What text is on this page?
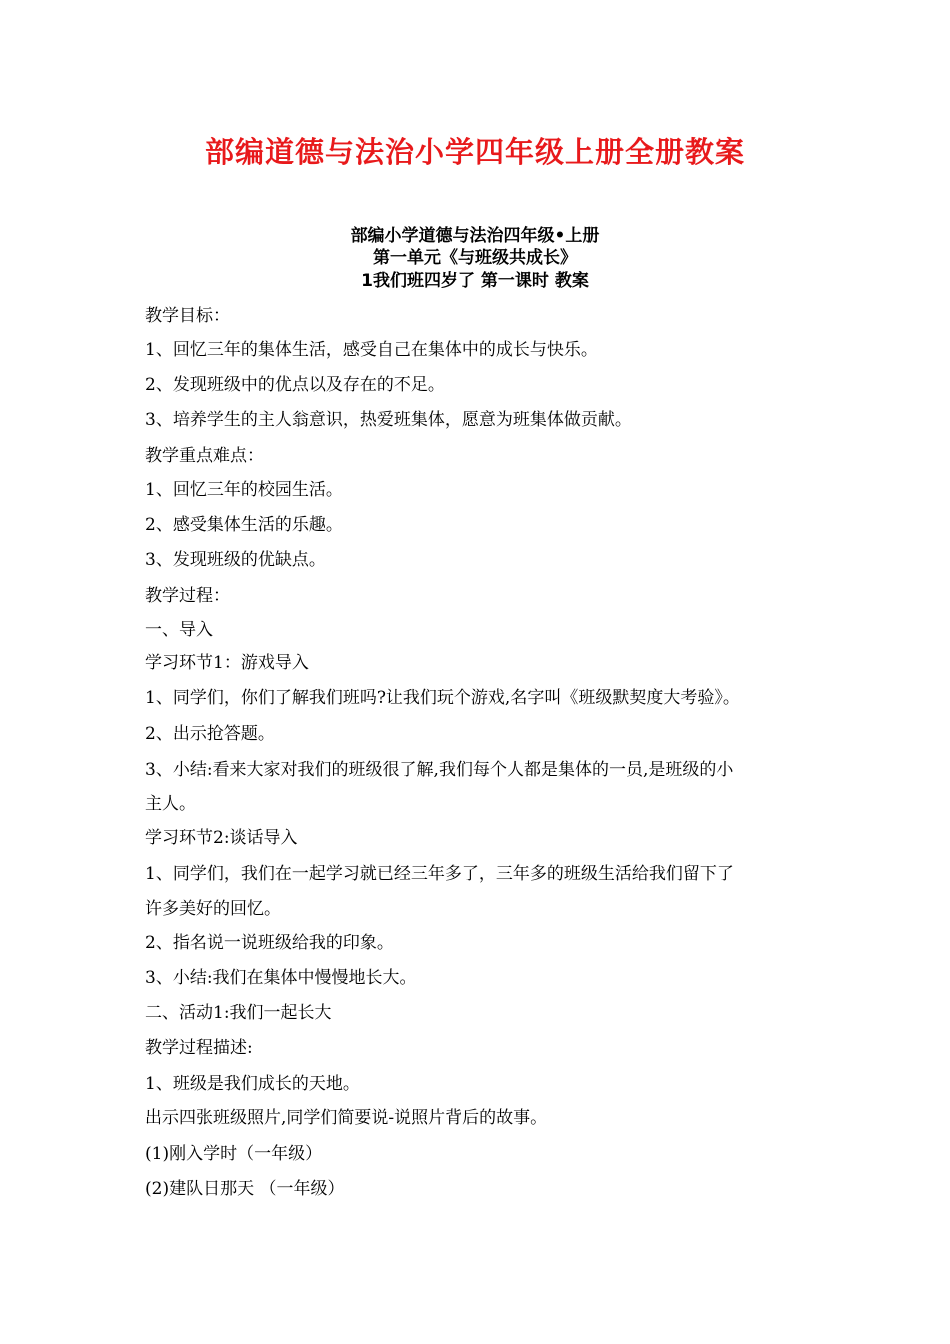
部编道德与法治小学四年级上册全册教案
部编小学道德与法治四年级•上册
第一单元《与班级共成长》
1我们班四岁了 第一课时 教案
教学目标：
1、回忆三年的集体生活，感受自己在集体中的成长与快乐。
2、发现班级中的优点以及存在的不足。
3、培养学生的主人翁意识，热爱班集体，愿意为班集体做贡献。
教学重点难点：
1、回忆三年的校园生活。
2、感受集体生活的乐趣。
3、发现班级的优缺点。
教学过程：
一、导入
学习环节1：游戏导入
1、同学们，你们了解我们班吗?让我们玩个游戏,名字叫《班级默契度大考验》。
2、出示抢答题。
3、小结:看来大家对我们的班级很了解,我们每个人都是集体的一员,是班级的小
主人。
学习环节2:谈话导入
1、同学们，我们在一起学习就已经三年多了，三年多的班级生活给我们留下了
许多美好的回忆。
2、指名说一说班级给我的印象。
3、小结:我们在集体中慢慢地长大。
二、活动1:我们一起长大
教学过程描述:
1、班级是我们成长的天地。
出示四张班级照片,同学们简要说-说照片背后的故事。
(1)刚入学时（一年级）
(2)建队日那天 （一年级）
